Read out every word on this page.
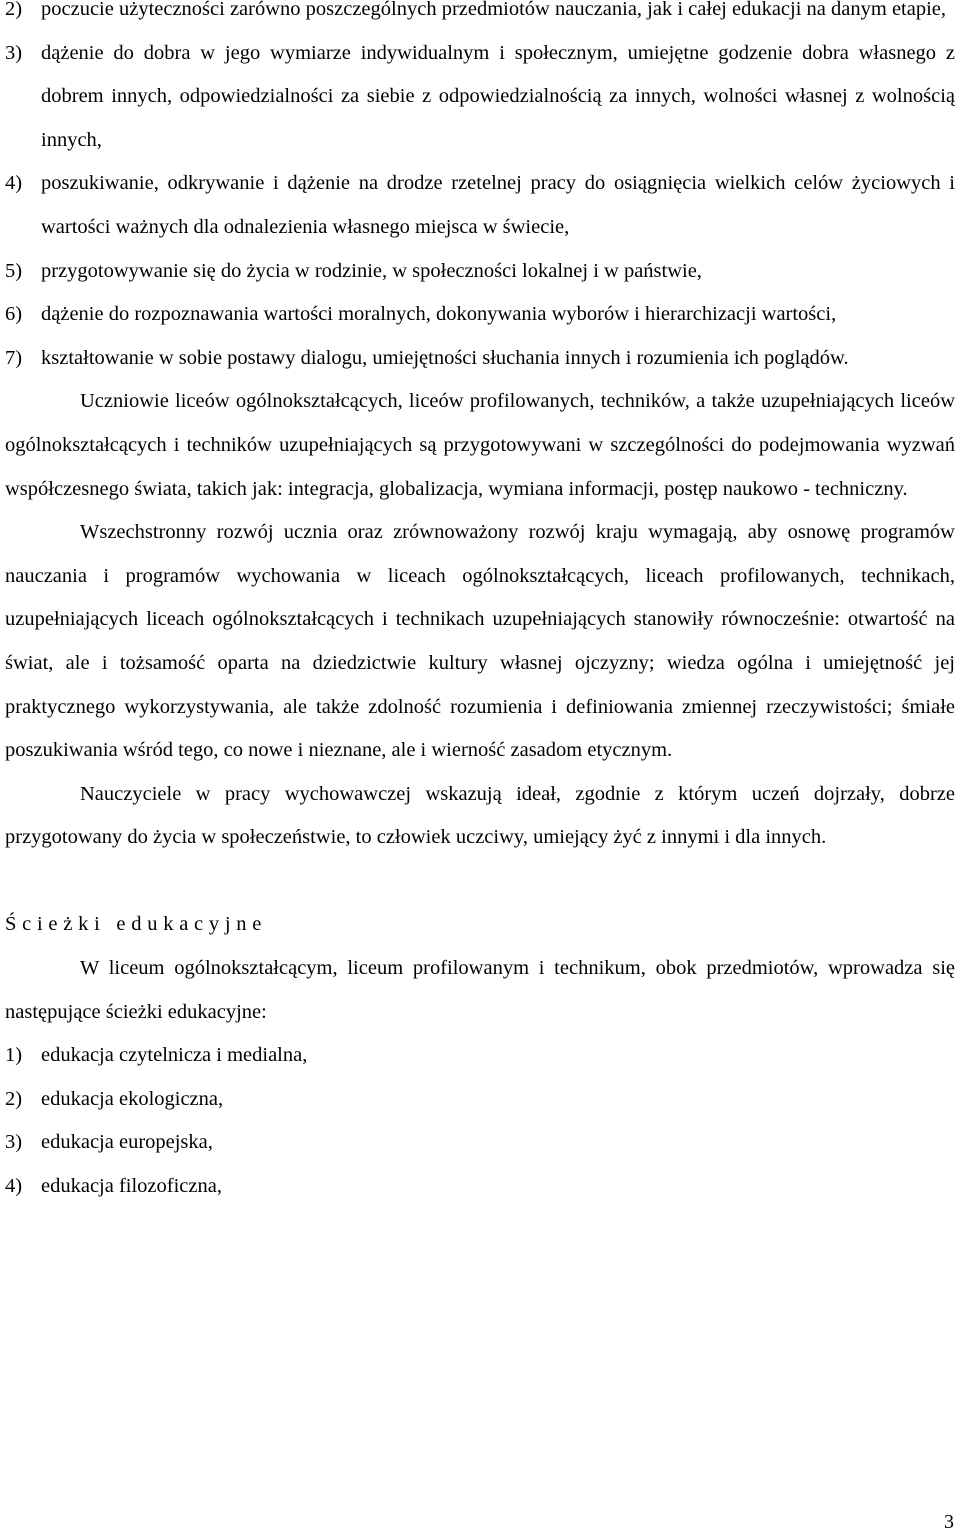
2) poczucie użyteczności zarówno poszczególnych przedmiotów nauczania, jak i całej edukacji na danym etapie,
3) dążenie do dobra w jego wymiarze indywidualnym i społecznym, umiejętne godzenie dobra własnego z dobrem innych, odpowiedzialności za siebie z odpowiedzialnością za innych, wolności własnej z wolnością innych,
4) poszukiwanie, odkrywanie i dążenie na drodze rzetelnej pracy do osiągnięcia wielkich celów życiowych i wartości ważnych dla odnalezienia własnego miejsca w świecie,
5) przygotowywanie się do życia w rodzinie, w społeczności lokalnej i w państwie,
6) dążenie do rozpoznawania wartości moralnych, dokonywania wyborów i hierarchizacji wartości,
7) kształtowanie w sobie postawy dialogu, umiejętności słuchania innych i rozumienia ich poglądów.

Uczniowie liceów ogólnokształcących, liceów profilowanych, techników, a także uzupełniających liceów ogólnokształcących i techników uzupełniających są przygotowywani w szczególności do podejmowania wyzwań współczesnego świata, takich jak: integracja, globalizacja, wymiana informacji, postęp naukowo - techniczny.

Wszechstronny rozwój ucznia oraz zrównoważony rozwój kraju wymagają, aby osnowę programów nauczania i programów wychowania w liceach ogólnokształcących, liceach profilowanych, technikach, uzupełniających liceach ogólnokształcących i technikach uzupełniających stanowiły równocześnie: otwartość na świat, ale i tożsamość oparta na dziedzictwie kultury własnej ojczyzny; wiedza ogólna i umiejętność jej praktycznego wykorzystywania, ale także zdolność rozumienia i definiowania zmiennej rzeczywistości; śmiałe poszukiwania wśród tego, co nowe i nieznane, ale i wierność zasadom etycznym.

Nauczyciele w pracy wychowawczej wskazują ideał, zgodnie z którym uczeń dojrzały, dobrze przygotowany do życia w społeczeństwie, to człowiek uczciwy, umiejący żyć z innymi i dla innych.

Ścieżki edukacyjne

W liceum ogólnokształcącym, liceum profilowanym i technikum, obok przedmiotów, wprowadza się następujące ścieżki edukacyjne:

1) edukacja czytelnicza i medialna,
2) edukacja ekologiczna,
3) edukacja europejska,
4) edukacja filozoficzna,
3
